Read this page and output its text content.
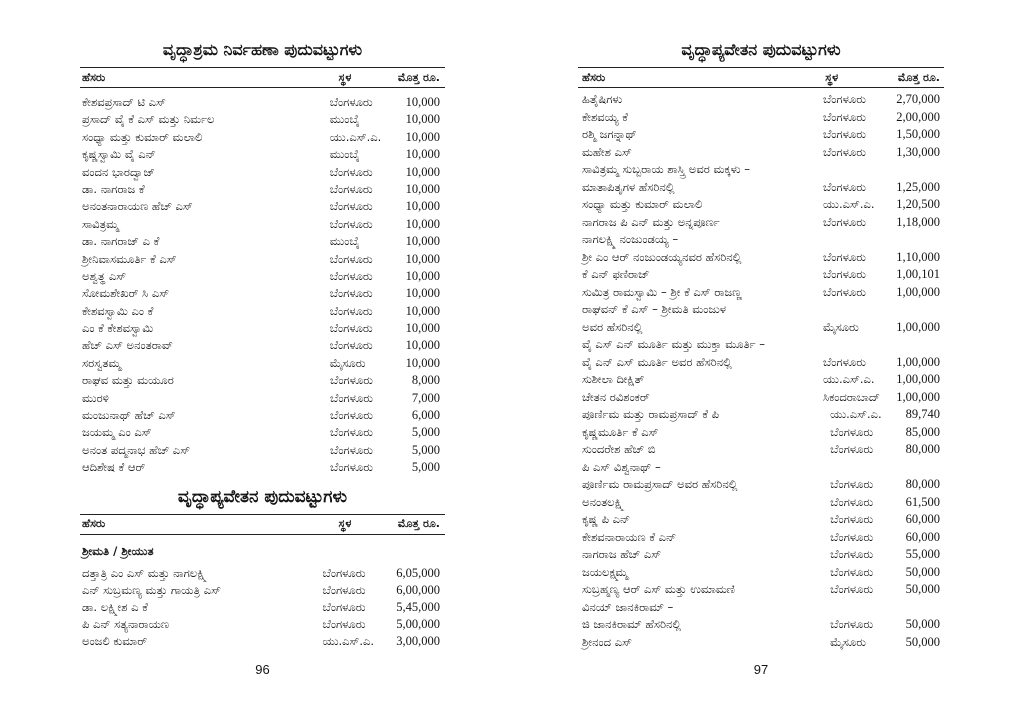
ವೃದ್ಧಾಶ್ರಮ ನಿರ್ವಹಣಾ ಪುದುವಟ್ಟುಗಳು
ಹೆಸರು	ಸ್ಥಳ	ಮೊತ್ತ ರೂ.
ಕೇಶವಪ್ರಸಾದ್ ಟಿ ಎಸ್	ಬೆಂಗಳೂರು	10,000
ಪ್ರಸಾದ್ ವೈ ಕೆ ಎಸ್ ಮತ್ತು ನಿರ್ಮಲ	ಮುಂಬೈ	10,000
ಸಂಧ್ಯಾ ಮತ್ತು ಕುಮಾರ್ ಮಲಾಲಿ	ಯು.ಎಸ್.ಎ.	10,000
ಕೃಷ್ಣಸ್ವಾಮಿ ವೈ ಎನ್	ಮುಂಬೈ	10,000
ವಂದನ ಭಾರದ್ವಾಜ್	ಬೆಂಗಳೂರು	10,000
ಡಾ. ನಾಗರಾಜ ಕೆ	ಬೆಂಗಳೂರು	10,000
ಅನಂತನಾರಾಯಣ ಹೆಚ್ ಎಸ್	ಬೆಂಗಳೂರು	10,000
ಸಾವಿತ್ರಮ್ಮ	ಬೆಂಗಳೂರು	10,000
ಡಾ. ನಾಗರಾಜ್ ಎ ಕೆ	ಮುಂಬೈ	10,000
ಶ್ರೀನಿವಾಸಮೂರ್ತಿ ಕೆ ಎಸ್	ಬೆಂಗಳೂರು	10,000
ಅಶ್ವತ್ಥ ಎಸ್	ಬೆಂಗಳೂರು	10,000
ಸೋಮಶೇಖರ್ ಸಿ ಎಸ್	ಬೆಂಗಳೂರು	10,000
ಕೇಶವಸ್ವಾಮಿ ಎಂ ಕೆ	ಬೆಂಗಳೂರು	10,000
ಎಂ ಕೆ ಕೇಶವಸ್ವಾಮಿ	ಬೆಂಗಳೂರು	10,000
ಹೆಚ್ ಎಸ್ ಅನಂತರಾವ್	ಬೆಂಗಳೂರು	10,000
ಸರಸ್ವತಮ್ಮ	ಮೈಸೂರು	10,000
ರಾಘವ ಮತ್ತು ಮಯೂರ	ಬೆಂಗಳೂರು	8,000
ಮುರಳಿ	ಬೆಂಗಳೂರು	7,000
ಮಂಜುನಾಥ್ ಹೆಚ್ ಎಸ್	ಬೆಂಗಳೂರು	6,000
ಜಯಮ್ಮ ಎಂ ಎಸ್	ಬೆಂಗಳೂರು	5,000
ಅನಂತ ಪದ್ಮನಾಭ ಹೆಚ್ ಎಸ್	ಬೆಂಗಳೂರು	5,000
ಆದಿಶೇಷ ಕೆ ಆರ್	ಬೆಂಗಳೂರು	5,000
ವೃದ್ಧಾಪ್ಯವೇತನ ಪುದುವಟ್ಟುಗಳು
ಹೆಸರು	ಸ್ಥಳ	ಮೊತ್ತ ರೂ.
ಶ್ರೀಮತಿ / ಶ್ರೀಯುತ
ದತ್ತಾತ್ರಿ ಎಂ ಎಸ್ ಮತ್ತು ನಾಗಲಕ್ಷ್ಮಿ	ಬೆಂಗಳೂರು	6,05,000
ಎನ್ ಸುಬ್ರಮಣ್ಯ ಮತ್ತು ಗಾಯತ್ರಿ ಎಸ್	ಬೆಂಗಳೂರು	6,00,000
ಡಾ. ಲಕ್ಷ್ಮೀಶ ಎ ಕೆ	ಬೆಂಗಳೂರು	5,45,000
ಪಿ ಎನ್ ಸತ್ಯನಾರಾಯಣ	ಬೆಂಗಳೂರು	5,00,000
ಅಂಜಲಿ ಕುಮಾರ್	ಯು.ಎಸ್.ಎ.	3,00,000
96
ವೃದ್ಧಾಪ್ಯವೇತನ ಪುದುವಟ್ಟುಗಳು
ಹೆಸರು	ಸ್ಥಳ	ಮೊತ್ತ ರೂ.
ಹಿತೈಷಿಗಳು	ಬೆಂಗಳೂರು	2,70,000
ಕೇಶವಯ್ಯ ಕೆ	ಬೆಂಗಳೂರು	2,00,000
ರಶ್ಮಿ ಜಗನ್ನಾಥ್	ಬೆಂಗಳೂರು	1,50,000
ಮಹೇಶ ಎಸ್	ಬೆಂಗಳೂರು	1,30,000
ಸಾವಿತ್ರಮ್ಮ ಸುಬ್ಬರಾಯ ಶಾಸ್ತ್ರಿ ಅವರ ಮಕ್ಕಳು –
ಮಾತಾಪಿತೃಗಳ ಹೆಸರಿನಲ್ಲಿ	ಬೆಂಗಳೂರು	1,25,000
ಸಂಧ್ಯಾ ಮತ್ತು ಕುಮಾರ್ ಮಲಾಲಿ	ಯು.ಎಸ್.ಎ.	1,20,500
ನಾಗರಾಜ ಪಿ ಎನ್ ಮತ್ತು ಅನ್ನಪೂರ್ಣ	ಬೆಂಗಳೂರು	1,18,000
ನಾಗಲಕ್ಷ್ಮಿ ನಂಜುಂಡಯ್ಯ –
ಶ್ರೀ ಎಂ ಆರ್ ನಂಜುಂಡಯ್ಯನವರ ಹೆಸರಿನಲ್ಲಿ	ಬೆಂಗಳೂರು	1,10,000
ಕೆ ಎನ್ ಫಣಿರಾಜ್	ಬೆಂಗಳೂರು	1,00,101
ಸುಮಿತ್ರ ರಾಮಸ್ವಾಮಿ – ಶ್ರೀ ಕೆ ಎಸ್ ರಾಜಣ್ಣ	ಬೆಂಗಳೂರು	1,00,000
ರಾಘವನ್ ಕೆ ಎಸ್ – ಶ್ರೀಮತಿ ಮಂಜುಳ
ಅವರ ಹೆಸರಿನಲ್ಲಿ	ಮೈಸೂರು	1,00,000
ವೈ ಎಸ್ ಎನ್ ಮೂರ್ತಿ ಮತ್ತು ಮುಕ್ತಾ ಮೂರ್ತಿ –
ವೈ ಎನ್ ಎಸ್ ಮೂರ್ತಿ ಅವರ ಹೆಸರಿನಲ್ಲಿ	ಬೆಂಗಳೂರು	1,00,000
ಸುಶೀಲಾ ದೀಕ್ಷಿತ್	ಯು.ಎಸ್.ಎ.	1,00,000
ಚೇತನ ರವಿಶಂಕರ್	ಸಿಕಂದರಾಬಾದ್	1,00,000
ಪೂರ್ಣಿಮ ಮತ್ತು ರಾಮಪ್ರಸಾದ್ ಕೆ ಪಿ	ಯು.ಎಸ್.ಎ.	89,740
ಕೃಷ್ಣಮೂರ್ತಿ ಕೆ ಎಸ್	ಬೆಂಗಳೂರು	85,000
ಸುಂದರೇಶ ಹೆಚ್ ಬಿ	ಬೆಂಗಳೂರು	80,000
ಪಿ ಎಸ್ ವಿಶ್ವನಾಥ್ –
ಪೂರ್ಣಿಮ ರಾಮಪ್ರಸಾದ್ ಅವರ ಹೆಸರಿನಲ್ಲಿ	ಬೆಂಗಳೂರು	80,000
ಅನಂತಲಕ್ಷ್ಮಿ	ಬೆಂಗಳೂರು	61,500
ಕೃಷ್ಣ ಪಿ ಎನ್	ಬೆಂಗಳೂರು	60,000
ಕೇಶವನಾರಾಯಣ ಕೆ ಎನ್	ಬೆಂಗಳೂರು	60,000
ನಾಗರಾಜ ಹೆಚ್ ಎಸ್	ಬೆಂಗಳೂರು	55,000
ಜಯಲಕ್ಷ್ಮಮ್ಮ	ಬೆಂಗಳೂರು	50,000
ಸುಬ್ರಹ್ಮಣ್ಯ ಆರ್ ಎಸ್ ಮತ್ತು ಉಮಾಮಣಿ	ಬೆಂಗಳೂರು	50,000
ವಿನಯ್ ಜಾನಕಿರಾಮ್ –
ಜಿ ಜಾನಕಿರಾಮ್ ಹೆಸರಿನಲ್ಲಿ	ಬೆಂಗಳೂರು	50,000
ಶ್ರೀನಂದ ಎಸ್	ಮೈಸೂರು	50,000
97
